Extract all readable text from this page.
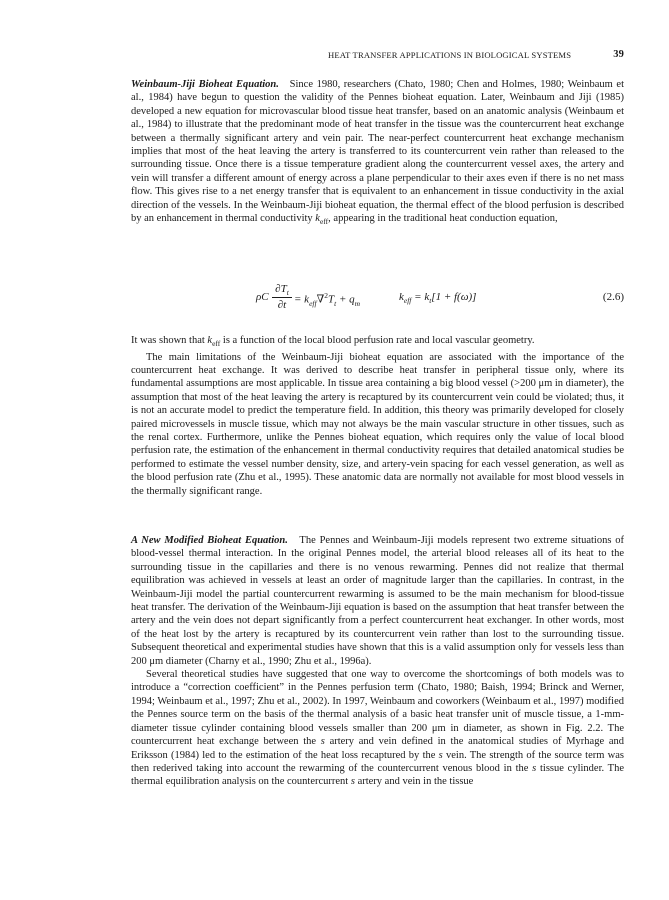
HEAT TRANSFER APPLICATIONS IN BIOLOGICAL SYSTEMS	39

Weinbaum-Jiji Bioheat Equation. Since 1980, researchers (Chato, 1980; Chen and Holmes, 1980; Weinbaum et al., 1984) have begun to question the validity of the Pennes bioheat equation. Later, Weinbaum and Jiji (1985) developed a new equation for microvascular blood tissue heat transfer, based on an anatomic analysis (Weinbaum et al., 1984) to illustrate that the predominant mode of heat transfer in the tissue was the countercurrent heat exchange between a thermally significant artery and vein pair. The near-perfect countercurrent heat exchange mechanism implies that most of the heat leaving the artery is transferred to its countercurrent vein rather than released to the surrounding tissue. Once there is a tissue temperature gradient along the countercurrent vessel axes, the artery and vein will transfer a different amount of energy across a plane perpendicular to their axes even if there is no net mass flow. This gives rise to a net energy transfer that is equivalent to an enhancement in tissue conductivity in the axial direction of the vessels. In the Weinbaum-Jiji bioheat equation, the thermal effect of the blood perfusion is described by an enhancement in thermal conductivity $k_{eff}$, appearing in the traditional heat conduction equation,

ρC
$\partial T_t$
$\partial t = k_{eff}\nabla^2T_t + q_m$
$k_{eff} = k_t[1 + f(\omega)]$	(2.6)

It was shown that $k_{eff}$ is a function of the local blood perfusion rate and local vascular geometry.

The main limitations of the Weinbaum-Jiji bioheat equation are associated with the importance of the countercurrent heat exchange. It was derived to describe heat transfer in peripheral tissue only, where its fundamental assumptions are most applicable. In tissue area containing a big blood vessel (>200 μm in diameter), the assumption that most of the heat leaving the artery is recaptured by its countercurrent vein could be violated; thus, it is not an accurate model to predict the temperature field. In addition, this theory was primarily developed for closely paired microvessels in muscle tissue, which may not always be the main vascular structure in other tissues, such as the renal cortex. Furthermore, unlike the Pennes bioheat equation, which requires only the value of local blood perfusion rate, the estimation of the enhancement in thermal conductivity requires that detailed anatomical studies be performed to estimate the vessel number density, size, and artery-vein spacing for each vessel generation, as well as the blood perfusion rate (Zhu et al., 1995). These anatomic data are normally not available for most blood vessels in the thermally significant range.

A New Modified Bioheat Equation. The Pennes and Weinbaum-Jiji models represent two extreme situations of blood-vessel thermal interaction. In the original Pennes model, the arterial blood releases all of its heat to the surrounding tissue in the capillaries and there is no venous rewarming. Pennes did not realize that thermal equilibration was achieved in vessels at least an order of magnitude larger than the capillaries. In contrast, in the Weinbaum-Jiji model the partial countercurrent rewarming is assumed to be the main mechanism for blood-tissue heat transfer. The derivation of the Weinbaum-Jiji equation is based on the assumption that heat transfer between the artery and the vein does not depart significantly from a perfect countercurrent heat exchanger. In other words, most of the heat lost by the artery is recaptured by its countercurrent vein rather than lost to the surrounding tissue. Subsequent theoretical and experimental studies have shown that this is a valid assumption only for vessels less than 200 μm diameter (Charny et al., 1990; Zhu et al., 1996a).

Several theoretical studies have suggested that one way to overcome the shortcomings of both models was to introduce a “correction coefficient” in the Pennes perfusion term (Chato, 1980; Baish, 1994; Brinck and Werner, 1994; Weinbaum et al., 1997; Zhu et al., 2002). In 1997, Weinbaum and coworkers (Weinbaum et al., 1997) modified the Pennes source term on the basis of the thermal analysis of a basic heat transfer unit of muscle tissue, a 1-mm-diameter tissue cylinder containing blood vessels smaller than 200 μm in diameter, as shown in Fig. 2.2. The countercurrent heat exchange between the s artery and vein defined in the anatomical studies of Myrhage and Eriksson (1984) led to the estimation of the heat loss recaptured by the s vein. The strength of the source term was then rederived taking into account the rewarming of the countercurrent venous blood in the s tissue cylinder. The thermal equilibration analysis on the countercurrent s artery and vein in the tissue
